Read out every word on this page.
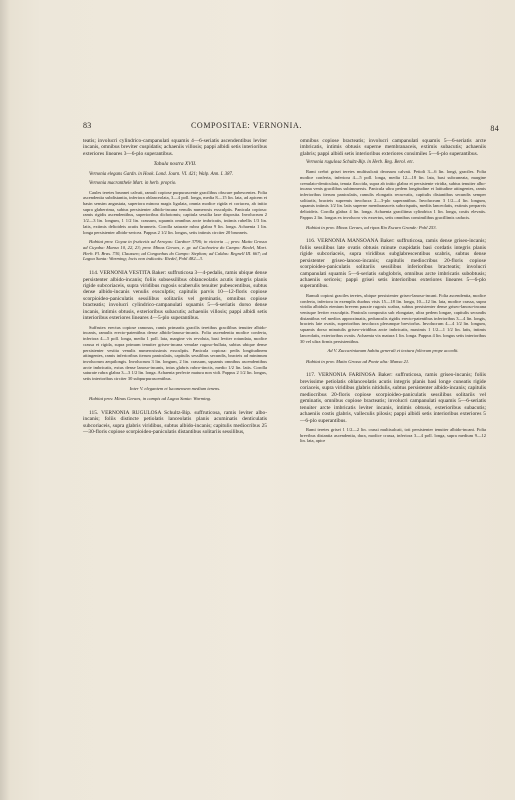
83	COMPOSITAE: VERNONIA.	84

teatis; involucri cylindrico-campanulati squamis 4—6-seriatis ascendentibus leviter incanis, omnibus breviter cuspidatis; achaeniis villosis; pappi albidi setis interioribus exteriores lineares 3—6-plo superantibus.

Tabula nostra XVII.

Vernonia elegans Gardn. in Hook. Lond. Journ. VI. 421; Walp. Ann. I. 387.

Vernonia macranthele Mart. in herb. proprio.

Caules teretes brunnei calvati, ramuli copiose purpurascente gracilibus obscure pubescentes. Folia ascendentia subdistantia, inferiora oblanceolata, 3—4 poll. longa, media 8—15 lin. lata, ad apicem et basin sensim angustata, superiora minora magis ligulata, omnia modice rigida et coriacea, ab initio supra glaberrima, subtus persistenter albido-incana venulis numerosis exsculptis. Panicula copiosa: ramis rigidis ascendentibus, superioribus dichotomis; capitula sessilia laxe disposita. Involucrum 2 1/2—3 lin. longum, 1 1/2 lin. crassum, squamis omnibus arcte imbricatis, intimis rubellis 1/3 lin. latis, extimis deltoideis acutis brunneis. Corolla saturate rubra glabra 9 lin. longa. Achaenia 1 lin. longa persistenter albido-sericea. Pappus 2 1/2 lin. longus, setis intimis circiter 20 brunneis.

Habitat prov. Goyaz in fruticetis ad Arrayas: Gardner 3796; in victoria ...; prov. Matto Grosso ad Cuyaba: Manso 10, 22, 23; prov. Minas Geraes, e. gr. ad Cachoeira do Campo: Riedel, Mart. Herb. Fl. Bras. 730, Claussen; ad Congonhas do Campo: Stephan; ad Caldas: Regnell III. 667; ad Lagoa Santa: Warming; locis non indicatis: Riedel, Pohl 482—3.

114. VERNONIA VESTITA Baker: suffruticosa 3—4-pedalis, ramis ubique dense persistenter albido-incanis; foliis subsessilibus oblanceolatis acutis integris planis rigide subcoriaceis, supra viridibus rugosis scaberulis tenuiter pubescentibus, subtus dense albido-incanis venulis exsculptis; capitulis parvis 10—12-floris copiose scorpioideo-paniculatis sessilibus solitariis vel geminatis, omnibus copiose bracteatis; involucri cylindrico-campanulati squamis 5—6-seriatis dorso dense incanis, intimis obtusis, exterioribus subacutis; achaeniis villosis; pappi albidi setis interioribus exteriores lineares 4—5-plo superantibus.

Suffrutex erectus copiose ramosus, ramis primariis gracilis teretibus gracilibus tenuiter albido-incanis, ramulis erecto-patentibus dense albido-lanoso-incanis. Folia ascendentia modice conferta, inferiora 4—5 poll. longa, media 1 poll. lata, margine vix revoluta, basi leviter rotundata, modice crassa et rigida, supra primum tenuiter griseo-incana venulae rugoso-bullata, subtus ubique dense persistenter vestita venulis numerosissimis exsculptis. Panicula copiosa: pedis longitudinem attingentes, ramis inferioribus iterum paniculatis, capitulis sessilibus secundis, bracteis ad minimum involucrum aequilongis. Involucrum 3 lin. longum, 2 lin. crassum, squamis omnibus ascendentibus arcte imbricatis, extus dense lanoso-incanis, intus glabris rubro-tinctis, medio 1/2 lin. latis. Corolla saturate rubra glabra 3—3 1/2 lin. longa. Achaenia perfecte matura non vidi. Pappus 2 1/2 lin. longus, setis interioribus circiter 30 subpurpurascentibus.

Inter V. elegantem et lucanensem medium tenens.

Habitat prov. Minas Geraes, in campis ad Lagoa Santa: Warming.

115. VERNONIA RUGULOSA Schultz-Bip. suffruticosa, ramis leviter albo-incanis; foliis distincte petiolatis lanceolatis planis acuminatis denticulatis subcoriaceis, supra glabris viridibus, subtus albido-incanis; capitulis mediocribus 25—30-floris copiose scorpioideo-paniculatis distantibus solitariis sessilibus,

omnibus copiose bracteatis; involucri campanulati squamis 5—6-seriatis arcte imbricatis, intimis obtusis superne membranaceis, extimis subacutis; achaeniis glabris; pappi albidi setis interioribus exteriores consimiles 5—6-plo superantibus.

Vernonia rugulosa Schultz-Bip. in Herb. Reg. Berol. etc.

Rami crebri grisei teretes multisulcati deorsum calvati. Petioli 3—6 lin. longi, graciles. Folia modice conferta, inferiora 4—5 poll. longa, media 12—18 lin. lata, basi subcuneata, margine crenulato-denticulata, tenuia flaccida, supra ab initio glabra et persistente viridia, subtus tenuiter albo-incana venis gracilibus subimmersis. Panicula ultra pedem longitudine et latitudine attingentes, ramis inferioribus iterum paniculatis, ramulis elongatis recurvatis, capitulis distantibus secundis semper solitariis, bracteis supremis involucra 2—3-plo superantibus. Involucrum 3 1/2—4 lin. longum, squamis intimis 1/2 lin. latis superne membranaceis subcrispatis, mediis lanceolatis, extimis perparvis deltoideis. Corolla glabra 4 lin. longa. Achaenia gracilitma cylindrica 1 lin. longa, costis elevatis. Pappus 2 lin. longus ex involucro vix exsertus, setis omnibus consimilibus gracillimis caducis.

Habitat in prov. Minas Geraes, ad ripas Rio Escuro Grande: Pohl 253.

116. VERNONIA MANSOANA Baker: suffruticosa, ramis dense griseo-incanis; foliis sessilibus late ovatis obtusis minute cuspidatis basi cordatis integris planis rigide subcoriaceis, supra viridibus subglabrescentibus scabris, subtus dense persistenter griseo-lanoso-incanis; capitulis mediocribus 20-floris copiose scorpioideo-paniculatis solitariis sessilibus inferioribus bracteatis; involucri campanulati squamis 5—6-seriatis subglobris, omnibus arcte imbricatis subobtusis; achaeniis sericeis; pappi grisei setis interioribus exteriores lineares 5—6-plo superantibus.

Ramuli copiosi graciles teretes, ubique persistenter griseo-lanoso-incani. Folia ascendentia, modice conferta, inferiora in exemplis duobus visis 15—18 lin. longa, 10—12 lin. lata, modice crassa, supra viridia albidula etenium brevem pauxie rugosis scabra, subtus persistenter dense griseo-lanoso-incana venisque leviter exsculptis. Panicula composita sub elongatae, ultra pedem longae, capitulis secundis distantibus vel medios approximatis, pedunculis rigidis erecto-patentibus inferioribus 3—4 lin. longis, bracteis late ovatis, superioribus involucra plerumque breviorlus. Involucrum 4—4 1/2 lin. longum, squamis dorso minutulis griseo-viridibus arcte imbricatis, maximis 1 1/2—1 1/2 lin. latis, intimis lanceolatis, exterioribus ovatis. Achaenia vix matura 1 lin. longa. Pappus 4 lin. longus setis interioribus 30 vel ultra firmis persistentibus.

Ad V. Zuccarinianam habitu generali et textura foliorum prope accedit.

Habitat in prov. Matto Grosso ad Ponte alta: Manso 21.

117. VERNONIA FARINOSA Baker: suffruticosa, ramis griseo-incanis; foliis brevissime petiolatis oblanceolatis acutis integris planis basi longe cuneatis rigide coriaceis, supra viridibus glabris nitidulis, subtus persistenter albido-incanis; capitulis mediocribus 20-floris copiose scorpioideo-paniculatis sessilibus solitariis vel geminatis, omnibus copiose bracteatis; involucri campanulati squamis 5—6-seriatis tenuiter arcte imbricatis leviter incanis, intimis obtusis, exterioribus subacutis; achaeniis costis glabris, valleculis pilosis; pappi albidi setis interioribus exteriores 5—6-plo superantibus.

Rami teretes grisei 1 1/2—2 lin. crassi multisulcati, toti persistenter tenuiter albido-incani. Folia brevibus distantia ascendentia, dura, modice crassa, inferiora 3—4 poll. longa, supra medium 9—12 lin. lata, apice
